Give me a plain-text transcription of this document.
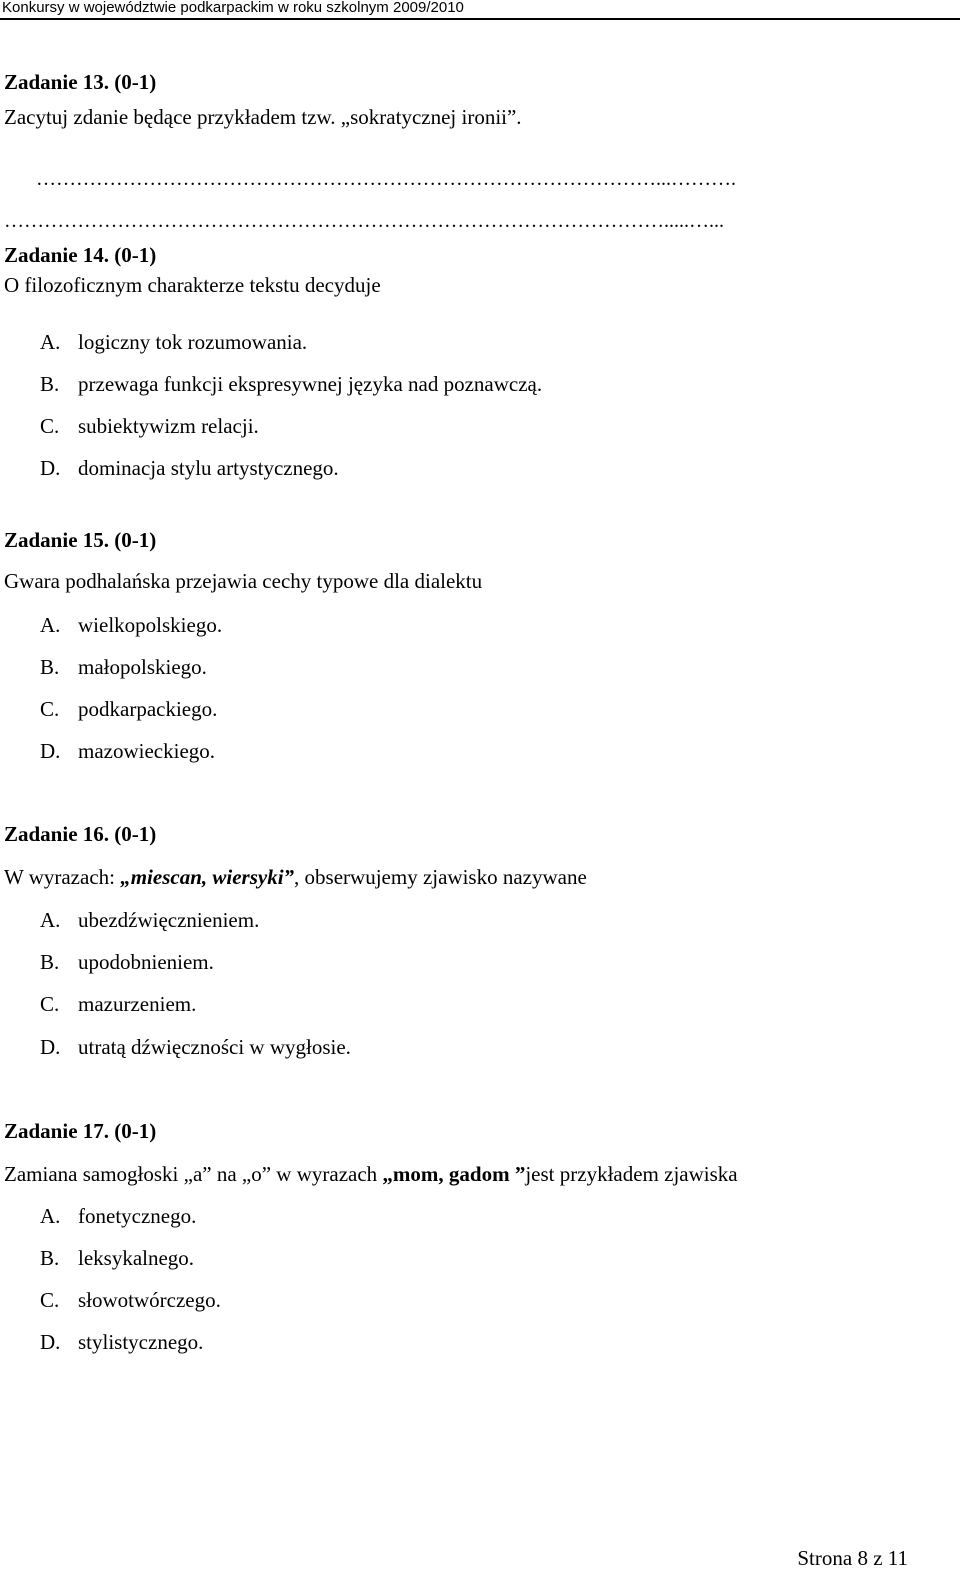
Konkursy w województwie podkarpackim w roku szkolnym 2009/2010
Zadanie 13. (0-1)
Zacytuj zdanie będące przykładem tzw. „sokratycznej ironii”.
…………………………………………………………………………………...……….
……………………………………………………………………………………….....…...
Zadanie 14. (0-1)
O filozoficznym charakterze tekstu decyduje
A. logiczny tok rozumowania.
B. przewaga funkcji ekspresywnej języka nad poznawczą.
C. subiektywizm relacji.
D. dominacja stylu artystycznego.
Zadanie 15. (0-1)
Gwara podhalańska przejawia cechy typowe dla dialektu
A. wielkopolskiego.
B. małopolskiego.
C. podkarpackiego.
D. mazowieckiego.
Zadanie 16. (0-1)
W wyrazach: „miescan, wiersyki”, obserwujemy zjawisko nazywane
A. ubezdźwięcznieniem.
B. upodobnieniem.
C. mazurzeniem.
D. utratą dźwięczności w wygłosie.
Zadanie 17. (0-1)
Zamiana samogłoski „a” na „o” w wyrazach „mom, gadom ”jest przykładem zjawiska
A. fonetycznego.
B. leksykalnego.
C. słowotwórczego.
D. stylistycznego.
Strona 8 z 11
